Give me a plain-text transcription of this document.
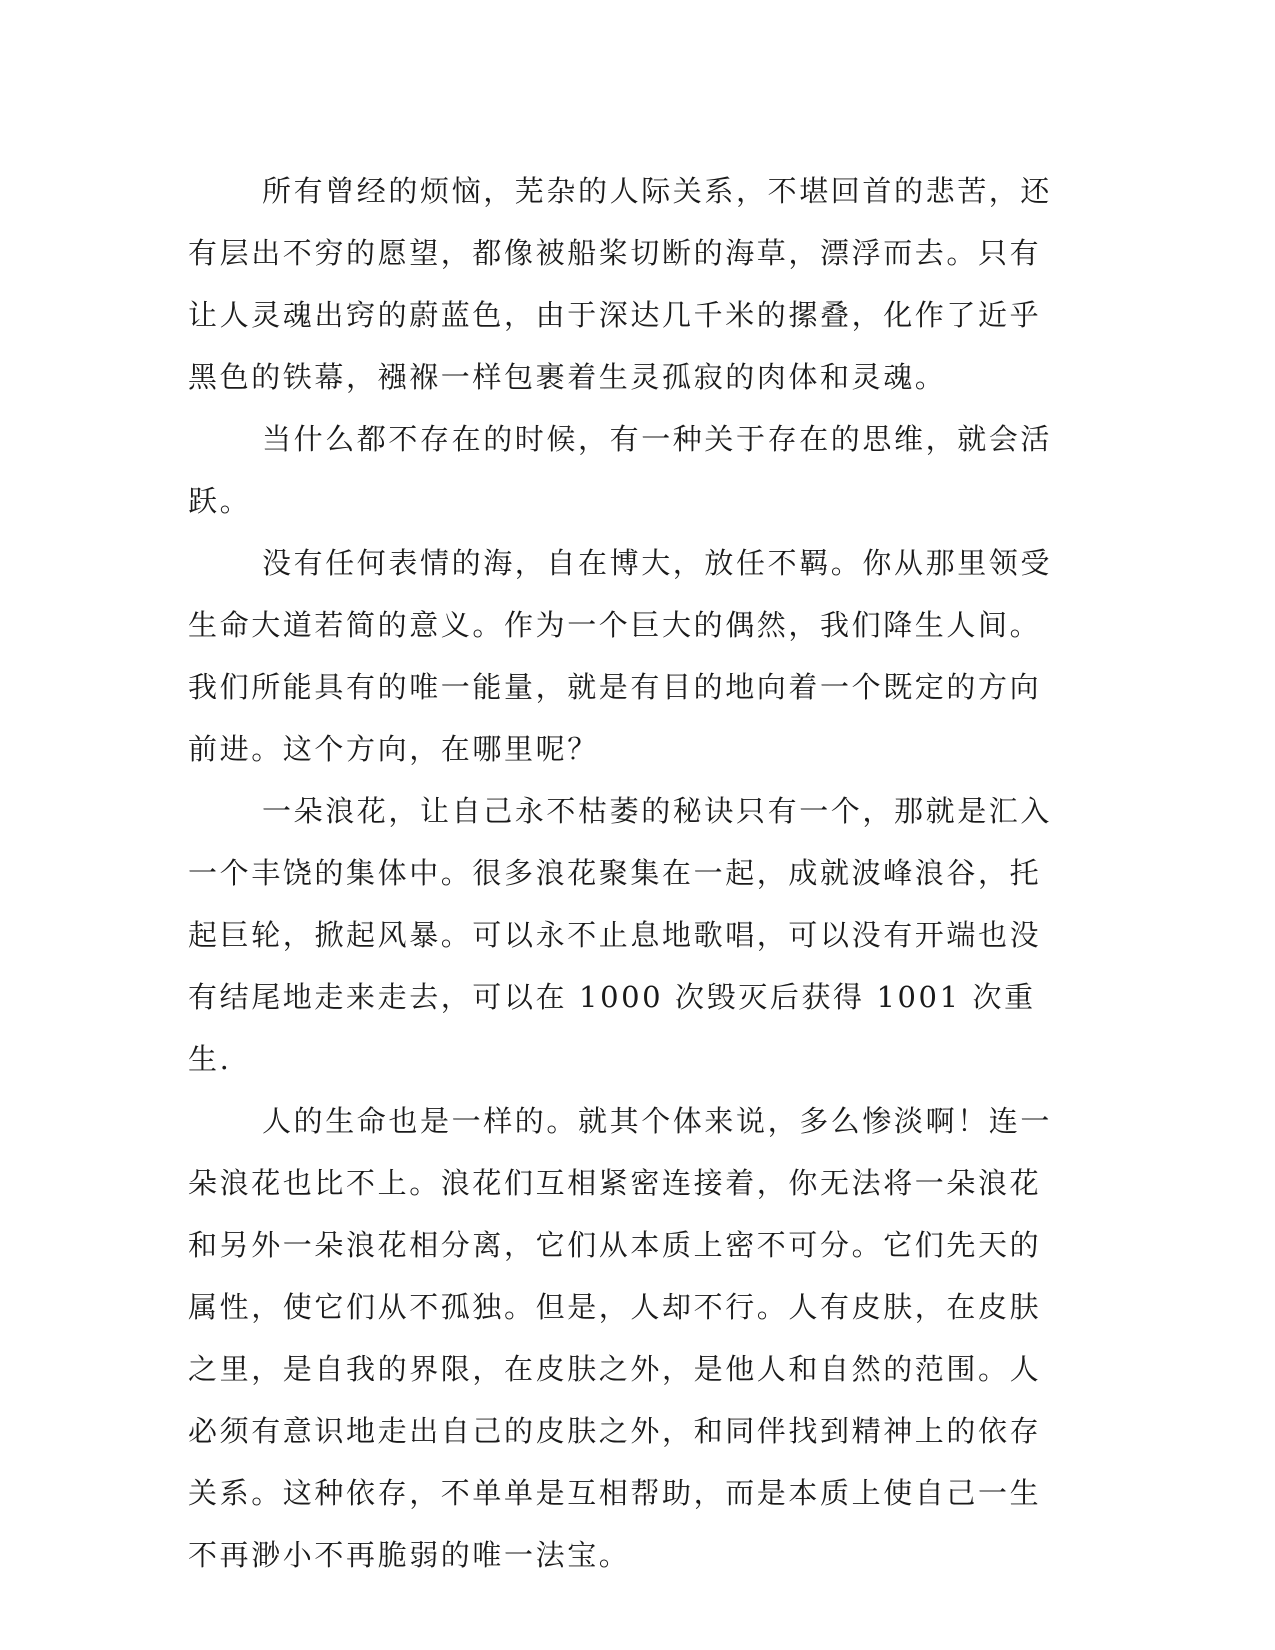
所有曾经的烦恼，芜杂的人际关系，不堪回首的悲苦，还有层出不穷的愿望，都像被船桨切断的海草，漂浮而去。只有让人灵魂出窍的蔚蓝色，由于深达几千米的摞叠，化作了近乎黑色的铁幕，襁褓一样包裹着生灵孤寂的肉体和灵魂。

当什么都不存在的时候，有一种关于存在的思维，就会活跃。

没有任何表情的海，自在博大，放任不羁。你从那里领受生命大道若简的意义。作为一个巨大的偶然，我们降生人间。我们所能具有的唯一能量，就是有目的地向着一个既定的方向前进。这个方向，在哪里呢？

一朵浪花，让自己永不枯萎的秘诀只有一个，那就是汇入一个丰饶的集体中。很多浪花聚集在一起，成就波峰浪谷，托起巨轮，掀起风暴。可以永不止息地歌唱，可以没有开端也没有结尾地走来走去，可以在 1000 次毁灭后获得 1001 次重生.

人的生命也是一样的。就其个体来说，多么惨淡啊！连一朵浪花也比不上。浪花们互相紧密连接着，你无法将一朵浪花和另外一朵浪花相分离，它们从本质上密不可分。它们先天的属性，使它们从不孤独。但是，人却不行。人有皮肤，在皮肤之里，是自我的界限，在皮肤之外，是他人和自然的范围。人必须有意识地走出自己的皮肤之外，和同伴找到精神上的依存关系。这种依存，不单单是互相帮助，而是本质上使自己一生不再渺小不再脆弱的唯一法宝。
